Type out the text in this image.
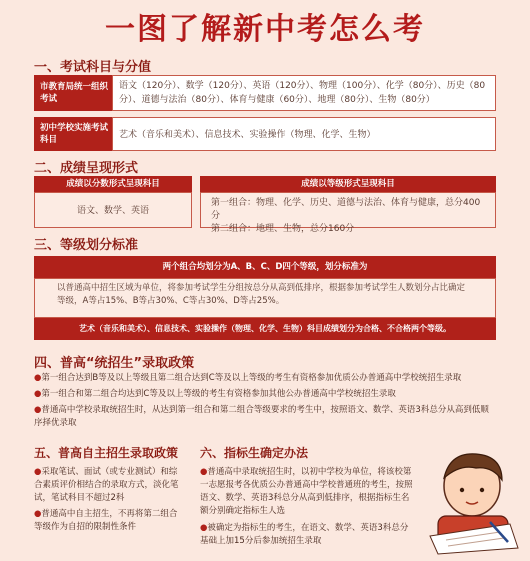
一图了解新中考怎么考
一、考试科目与分值
市教育局统一组织考试
语文（120分）、数学（120分）、英语（120分）、物理（100分）、化学（80分）、历史（80分）、道德与法治（80分）、体育与健康（60分）、地理（80分）、生物（80分）
初中学校实施考试科目	艺术（音乐和美术）、信息技术、实验操作（物理、化学、生物）
二、成绩呈现形式
成绩以分数形式呈现科目
语文、数学、英语
成绩以等级形式呈现科目
第一组合：物理、化学、历史、道德与法治、体育与健康，总分400分
第二组合：地理、生物，总分160分
三、等级划分标准
两个组合均划分为A、B、C、D四个等级，划分标准为
以普通高中招生区域为单位，将参加考试学生分组按总分从高到低排序，根据参加考试学生人数划分占比确定等级，A等占15%、B等占30%、C等占30%、D等占25%。
艺术（音乐和美术）、信息技术、实验操作（物理、化学、生物）科目成绩划分为合格、不合格两个等级。
四、普高“统招生”录取政策
●第一组合达到B等及以上等级且第二组合达到C等及以上等级的考生有资格参加优质公办普通高中学校统招生录取
●第一组合和第二组合均达到C等及以上等级的考生有资格参加其他公办普通高中学校统招生录取
●普通高中学校录取统招生时，从达到第一组合和第二组合等级要求的考生中，按照语文、数学、英语3科总分从高到低顺序择优录取
五、普高自主招生录取政策
●采取笔试、面试（或专业测试）和综合素质评价相结合的录取方式，淡化笔试，笔试科目不超过2科
●普通高中自主招生，不再将第二组合等级作为自招的限制性条件
六、指标生确定办法
●普通高中录取统招生时，以初中学校为单位，将该校第一志愿报考各优质公办普通高中学校普通班的考生，按照语文、数学、英语3科总分从高到低排序，根据指标生名额分别确定指标生人选
●被确定为指标生的考生，在语文、数学、英语3科总分基础上加15分后参加统招生录取
